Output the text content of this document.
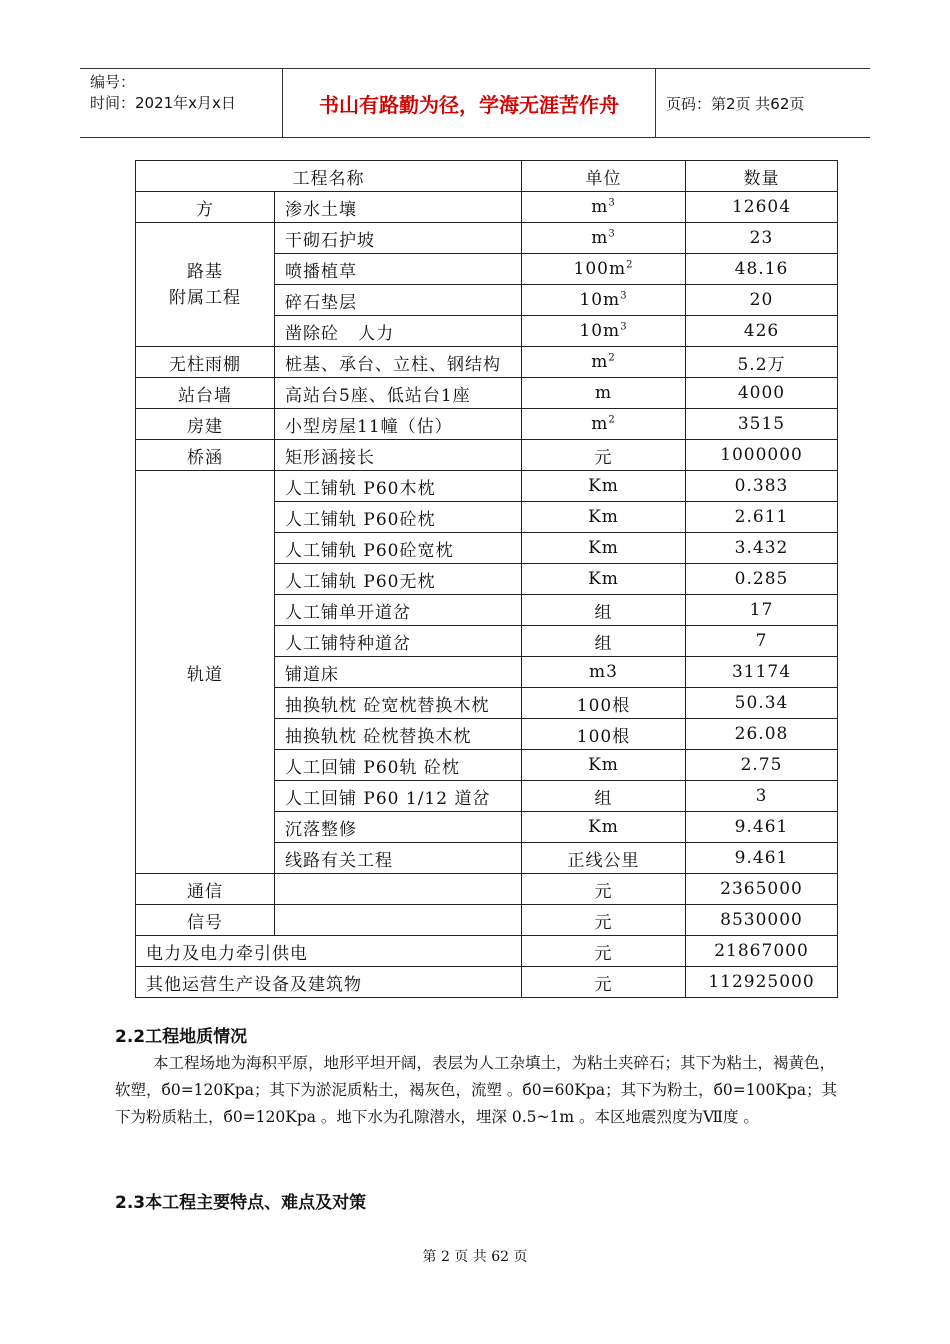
编号：
时间：2021年x月x日	书山有路勤为径，学海无涯苦作舟	页码：第2页 共62页
工程名称		单位	数量
方	渗水土壤	$m^3$	12604

路基
附属工程	干砌石护坡	$m^3$	23
	喷播植草	$100m^2$	48.16
	碎石垫层	$10m^3$	20
	凿除砼   人力	$10m^3$	426
无柱雨棚	桩基、承台、立柱、钢结构	$m^2$	5.2万
站台墙	高站台5座、低站台1座	m	4000
房建	小型房屋11幢（估）	$m^2$	3515
桥涵	矩形涵接长	元	1000000
轨道	人工铺轨 P60木枕	Km	0.383
	人工铺轨 P60砼枕	Km	2.611
	人工铺轨 P60砼宽枕	Km	3.432
	人工铺轨 P60无枕	Km	0.285
	人工铺单开道岔	组	17
	人工铺特种道岔	组	7
	铺道床	m3	31174
	抽换轨枕 砼宽枕替换木枕	100根	50.34
	抽换轨枕 砼枕替换木枕	100根	26.08
	人工回铺 P60轨 砼枕	Km	2.75
	人工回铺 P60 1/12 道岔	组	3
	沉落整修	Km	9.461
	线路有关工程	正线公里	9.461
通信		元	2365000
信号		元	8530000
电力及电力牵引供电		元	21867000
其他运营生产设备及建筑物		元	112925000
2.2工程地质情况
本工程场地为海积平原，地形平坦开阔，表层为人工杂填土，为粘土夹碎石；其下为粘土，褐黄色，软塑，б0=120Kpa；其下为淤泥质粘土，褐灰色，流塑 。б0=60Kpa；其下为粉土，б0=100Kpa；其下为粉质粘土，б0=120Kpa 。地下水为孔隙潜水，埋深 0.5~1m 。本区地震烈度为Ⅶ度 。
2.3本工程主要特点、难点及对策
第 2 页 共 62 页
